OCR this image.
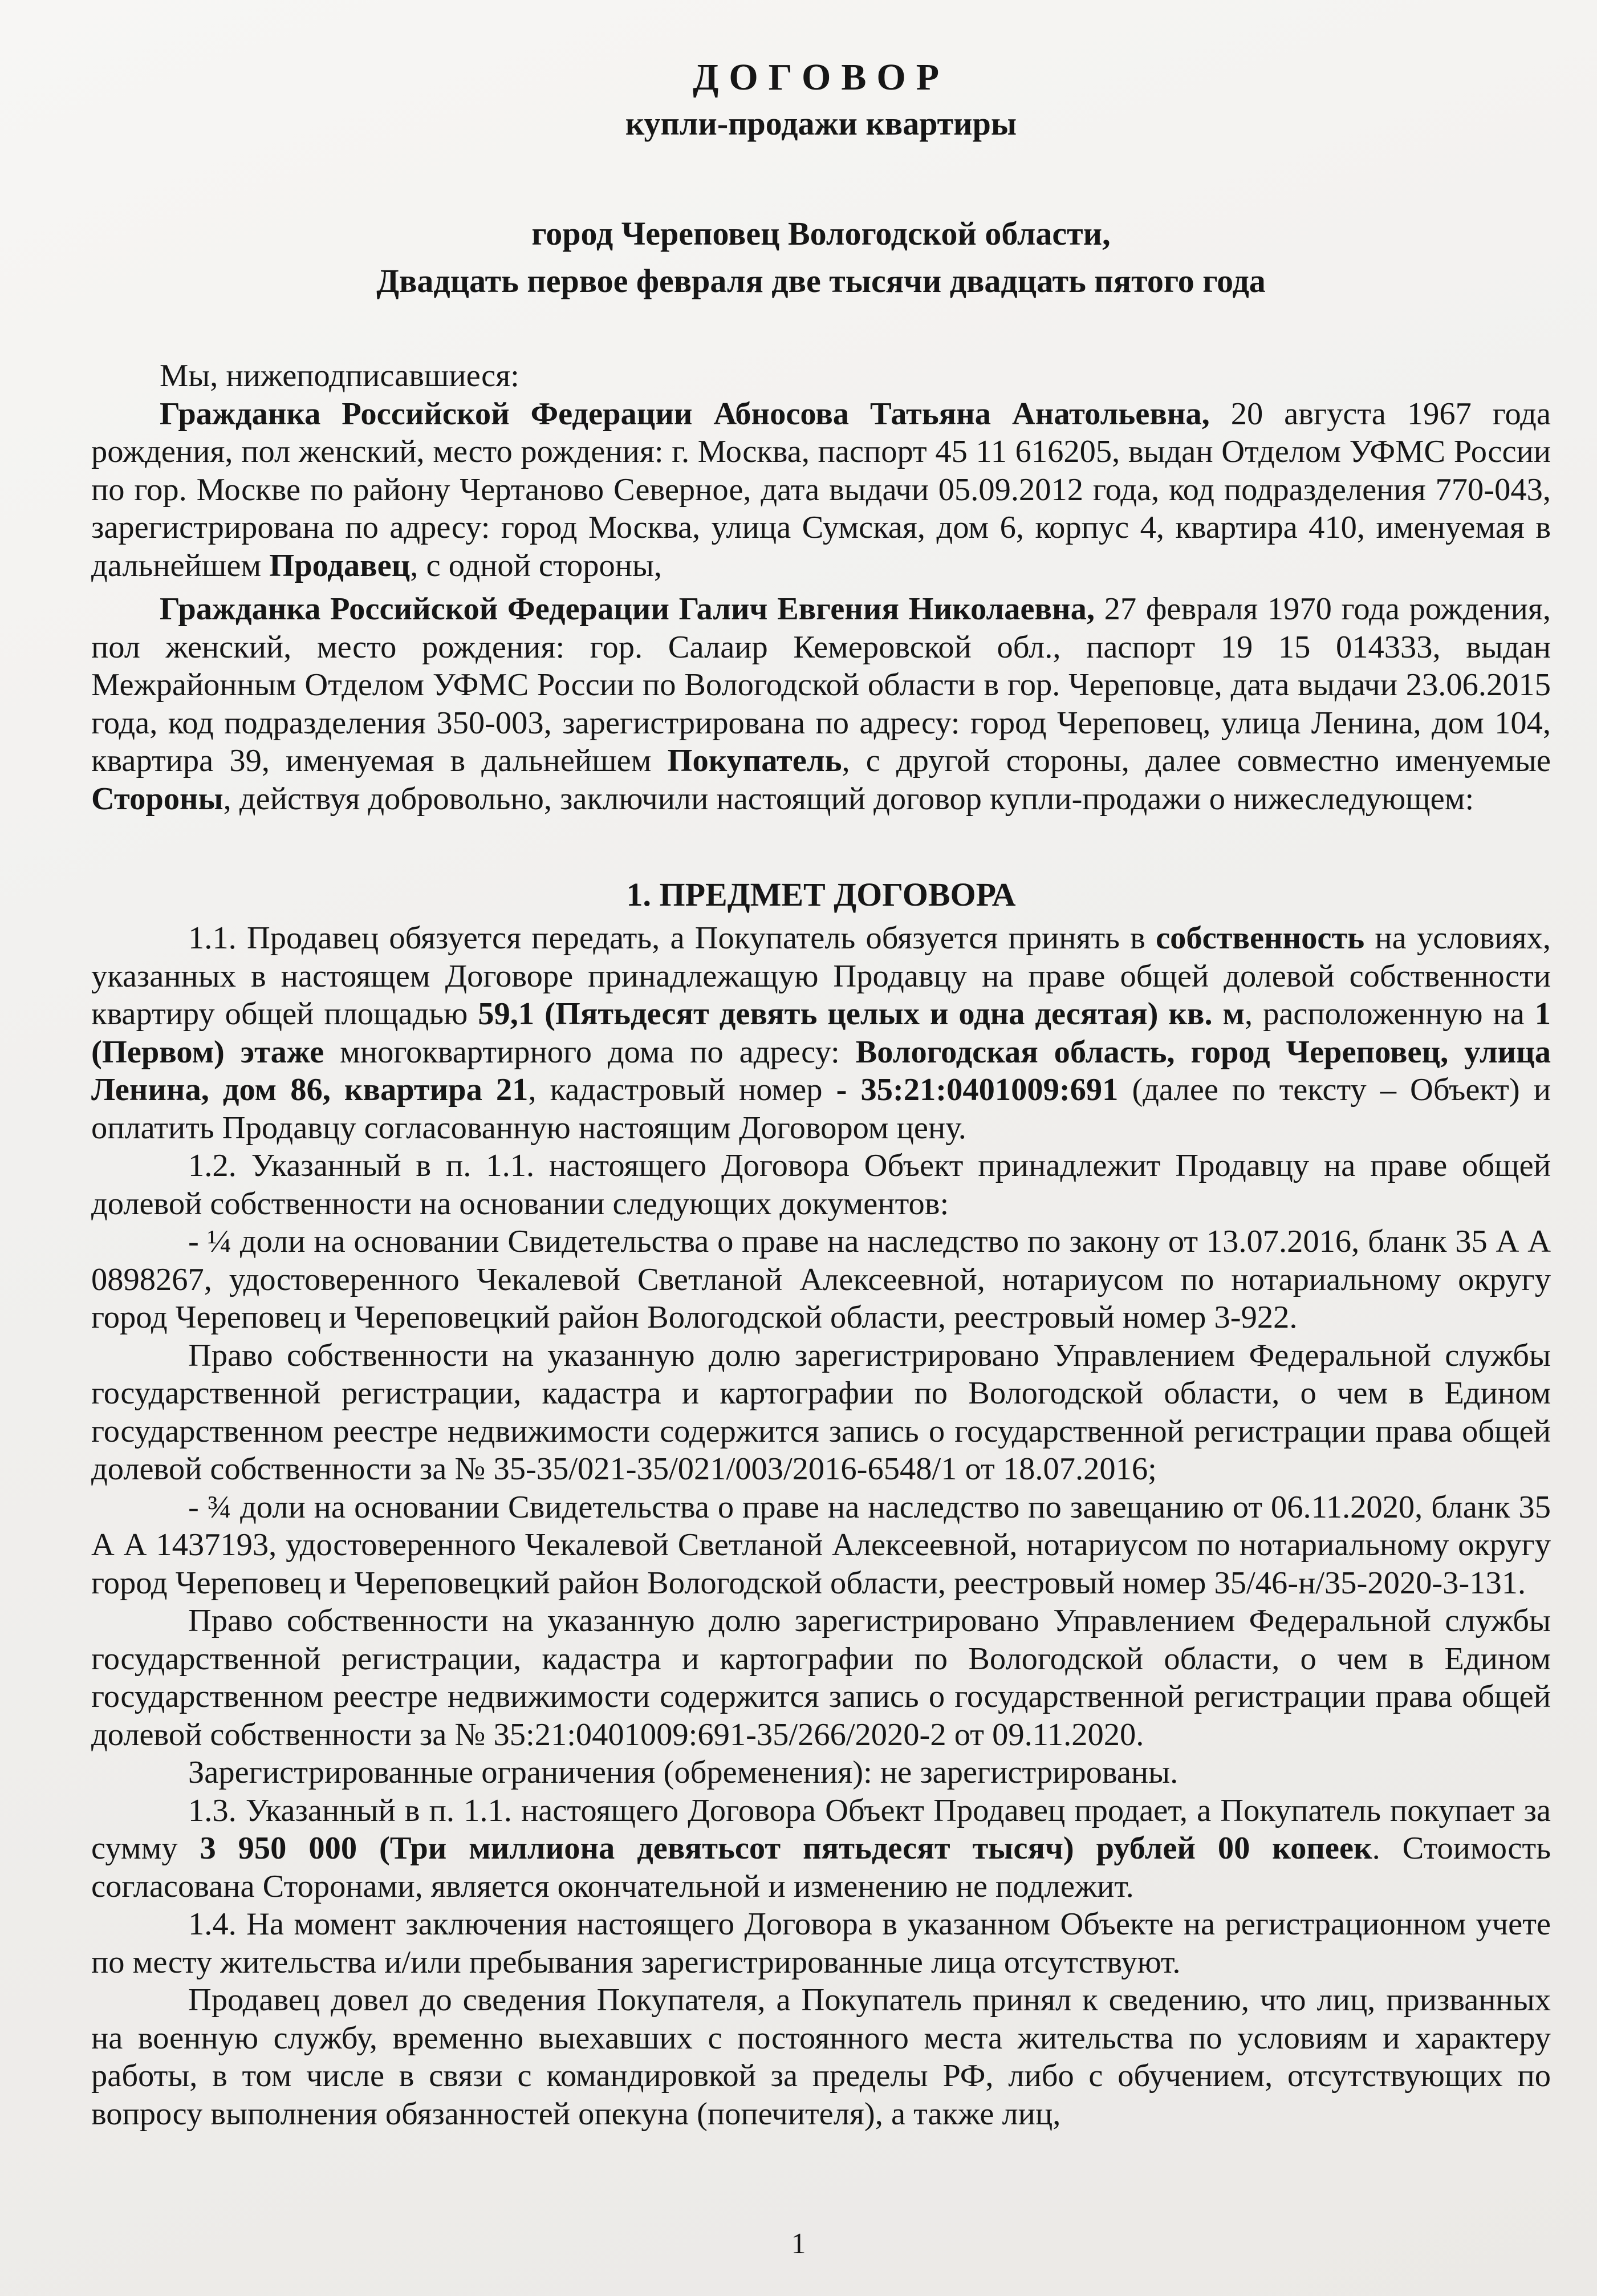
ДОГОВОР

купли-продажи квартиры

город Череповец Вологодской области,

Двадцать первое февраля две тысячи двадцать пятого года

Мы, нижеподписавшиеся:

Гражданка Российской Федерации Абносова Татьяна Анатольевна, 20 августа 1967 года рождения, пол женский, место рождения: г. Москва, паспорт 45 11 616205, выдан Отделом УФМС России по гор. Москве по району Чертаново Северное, дата выдачи 05.09.2012 года, код подразделения 770-043, зарегистрирована по адресу: город Москва, улица Сумская, дом 6, корпус 4, квартира 410, именуемая в дальнейшем Продавец, с одной стороны,

Гражданка Российской Федерации Галич Евгения Николаевна, 27 февраля 1970 года рождения, пол женский, место рождения: гор. Салаир Кемеровской обл., паспорт 19 15 014333, выдан Межрайонным Отделом УФМС России по Вологодской области в гор. Череповце, дата выдачи 23.06.2015 года, код подразделения 350-003, зарегистрирована по адресу: город Череповец, улица Ленина, дом 104, квартира 39, именуемая в дальнейшем Покупатель, с другой стороны, далее совместно именуемые Стороны, действуя добровольно, заключили настоящий договор купли-продажи о нижеследующем:

1. ПРЕДМЕТ ДОГОВОРА

1.1. Продавец обязуется передать, а Покупатель обязуется принять в собственность на условиях, указанных в настоящем Договоре принадлежащую Продавцу на праве общей долевой собственности квартиру общей площадью 59,1 (Пятьдесят девять целых и одна десятая) кв. м, расположенную на 1 (Первом) этаже многоквартирного дома по адресу: Вологодская область, город Череповец, улица Ленина, дом 86, квартира 21, кадастровый номер - 35:21:0401009:691 (далее по тексту – Объект) и оплатить Продавцу согласованную настоящим Договором цену.

1.2. Указанный в п. 1.1. настоящего Договора Объект принадлежит Продавцу на праве общей долевой собственности на основании следующих документов:

- ¼ доли на основании Свидетельства о праве на наследство по закону от 13.07.2016, бланк 35 А А 0898267, удостоверенного Чекалевой Светланой Алексеевной, нотариусом по нотариальному округу город Череповец и Череповецкий район Вологодской области, реестровый номер 3-922.

Право собственности на указанную долю зарегистрировано Управлением Федеральной службы государственной регистрации, кадастра и картографии по Вологодской области, о чем в Едином государственном реестре недвижимости содержится запись о государственной регистрации права общей долевой собственности за № 35-35/021-35/021/003/2016-6548/1 от 18.07.2016;

- ¾ доли на основании Свидетельства о праве на наследство по завещанию от 06.11.2020, бланк 35 А А 1437193, удостоверенного Чекалевой Светланой Алексеевной, нотариусом по нотариальному округу город Череповец и Череповецкий район Вологодской области, реестровый номер 35/46-н/35-2020-3-131.

Право собственности на указанную долю зарегистрировано Управлением Федеральной службы государственной регистрации, кадастра и картографии по Вологодской области, о чем в Едином государственном реестре недвижимости содержится запись о государственной регистрации права общей долевой собственности за № 35:21:0401009:691-35/266/2020-2 от 09.11.2020.

Зарегистрированные ограничения (обременения): не зарегистрированы.

1.3. Указанный в п. 1.1. настоящего Договора Объект Продавец продает, а Покупатель покупает за сумму 3 950 000 (Три миллиона девятьсот пятьдесят тысяч) рублей 00 копеек. Стоимость согласована Сторонами, является окончательной и изменению не подлежит.

1.4. На момент заключения настоящего Договора в указанном Объекте на регистрационном учете по месту жительства и/или пребывания зарегистрированные лица отсутствуют.

Продавец довел до сведения Покупателя, а Покупатель принял к сведению, что лиц, призванных на военную службу, временно выехавших с постоянного места жительства по условиям и характеру работы, в том числе в связи с командировкой за пределы РФ, либо с обучением, отсутствующих по вопросу выполнения обязанностей опекуна (попечителя), а также лиц,

1
